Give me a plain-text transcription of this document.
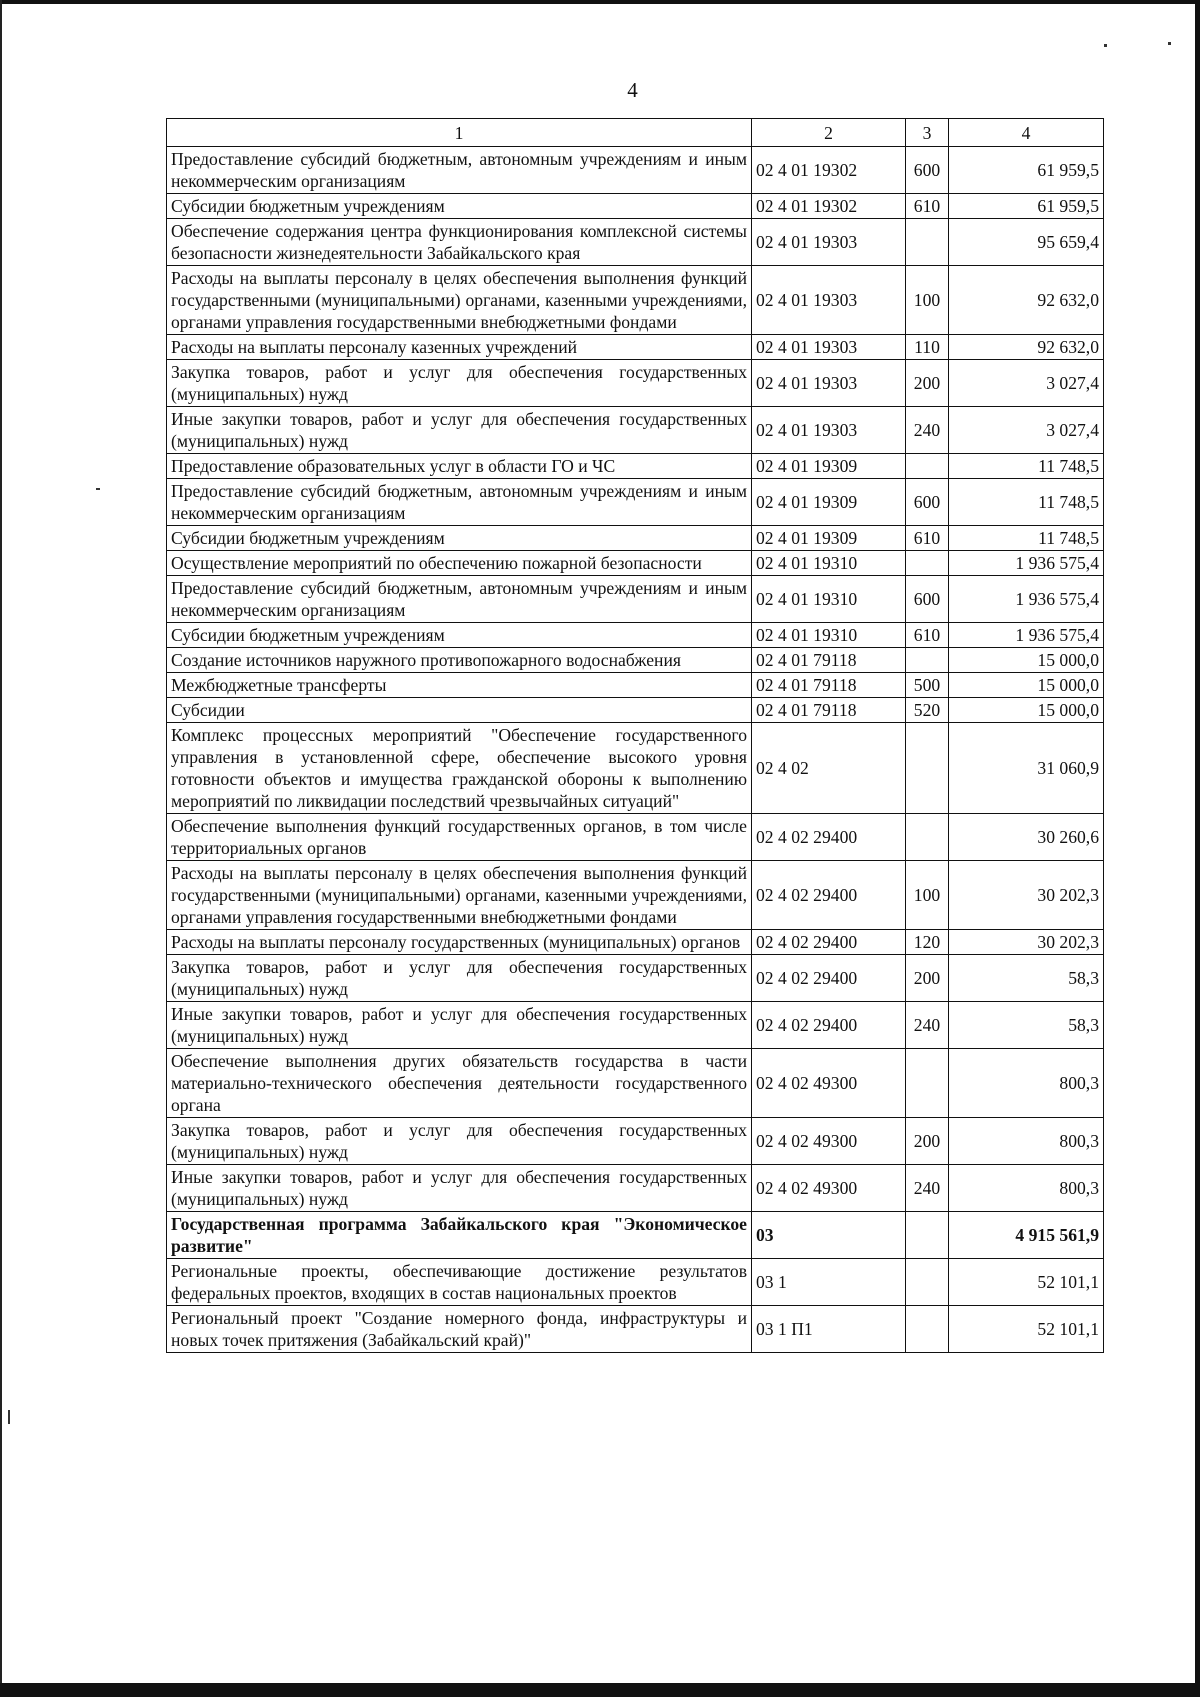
4
1	2	3	4
Предоставление субсидий бюджетным, автономным учреждениям и иным некоммерческим организациям	02 4 01 19302	600	61 959,5
Субсидии бюджетным учреждениям	02 4 01 19302	610	61 959,5
Обеспечение содержания центра функционирования комплексной системы безопасности жизнедеятельности Забайкальского края	02 4 01 19303		95 659,4
Расходы на выплаты персоналу в целях обеспечения выполнения функций государственными (муниципальными) органами, казенными учреждениями, органами управления государственными внебюджетными фондами	02 4 01 19303	100	92 632,0
Расходы на выплаты персоналу казенных учреждений	02 4 01 19303	110	92 632,0
Закупка товаров, работ и услуг для обеспечения государственных (муниципальных) нужд	02 4 01 19303	200	3 027,4
Иные закупки товаров, работ и услуг для обеспечения государственных (муниципальных) нужд	02 4 01 19303	240	3 027,4
Предоставление образовательных услуг в области ГО и ЧС	02 4 01 19309		11 748,5
Предоставление субсидий бюджетным, автономным учреждениям и иным некоммерческим организациям	02 4 01 19309	600	11 748,5
Субсидии бюджетным учреждениям	02 4 01 19309	610	11 748,5
Осуществление мероприятий по обеспечению пожарной безопасности	02 4 01 19310		1 936 575,4
Предоставление субсидий бюджетным, автономным учреждениям и иным некоммерческим организациям	02 4 01 19310	600	1 936 575,4
Субсидии бюджетным учреждениям	02 4 01 19310	610	1 936 575,4
Создание источников наружного противопожарного водоснабжения	02 4 01 79118		15 000,0
Межбюджетные трансферты	02 4 01 79118	500	15 000,0
Субсидии	02 4 01 79118	520	15 000,0
Комплекс процессных мероприятий "Обеспечение государственного управления в установленной сфере, обеспечение высокого уровня готовности объектов и имущества гражданской обороны к выполнению мероприятий по ликвидации последствий чрезвычайных ситуаций"	02 4 02		31 060,9
Обеспечение выполнения функций государственных органов, в том числе территориальных органов	02 4 02 29400		30 260,6
Расходы на выплаты персоналу в целях обеспечения выполнения функций государственными (муниципальными) органами, казенными учреждениями, органами управления государственными внебюджетными фондами	02 4 02 29400	100	30 202,3
Расходы на выплаты персоналу государственных (муниципальных) органов	02 4 02 29400	120	30 202,3
Закупка товаров, работ и услуг для обеспечения государственных (муниципальных) нужд	02 4 02 29400	200	58,3
Иные закупки товаров, работ и услуг для обеспечения государственных (муниципальных) нужд	02 4 02 29400	240	58,3
Обеспечение выполнения других обязательств государства в части материально-технического обеспечения деятельности государственного органа	02 4 02 49300		800,3
Закупка товаров, работ и услуг для обеспечения государственных (муниципальных) нужд	02 4 02 49300	200	800,3
Иные закупки товаров, работ и услуг для обеспечения государственных (муниципальных) нужд	02 4 02 49300	240	800,3
Государственная программа Забайкальского края "Экономическое развитие"	03		4 915 561,9
Региональные проекты, обеспечивающие достижение результатов федеральных проектов, входящих в состав национальных проектов	03 1		52 101,1
Региональный проект "Создание номерного фонда, инфраструктуры и новых точек притяжения (Забайкальский край)"	03 1 П1		52 101,1
